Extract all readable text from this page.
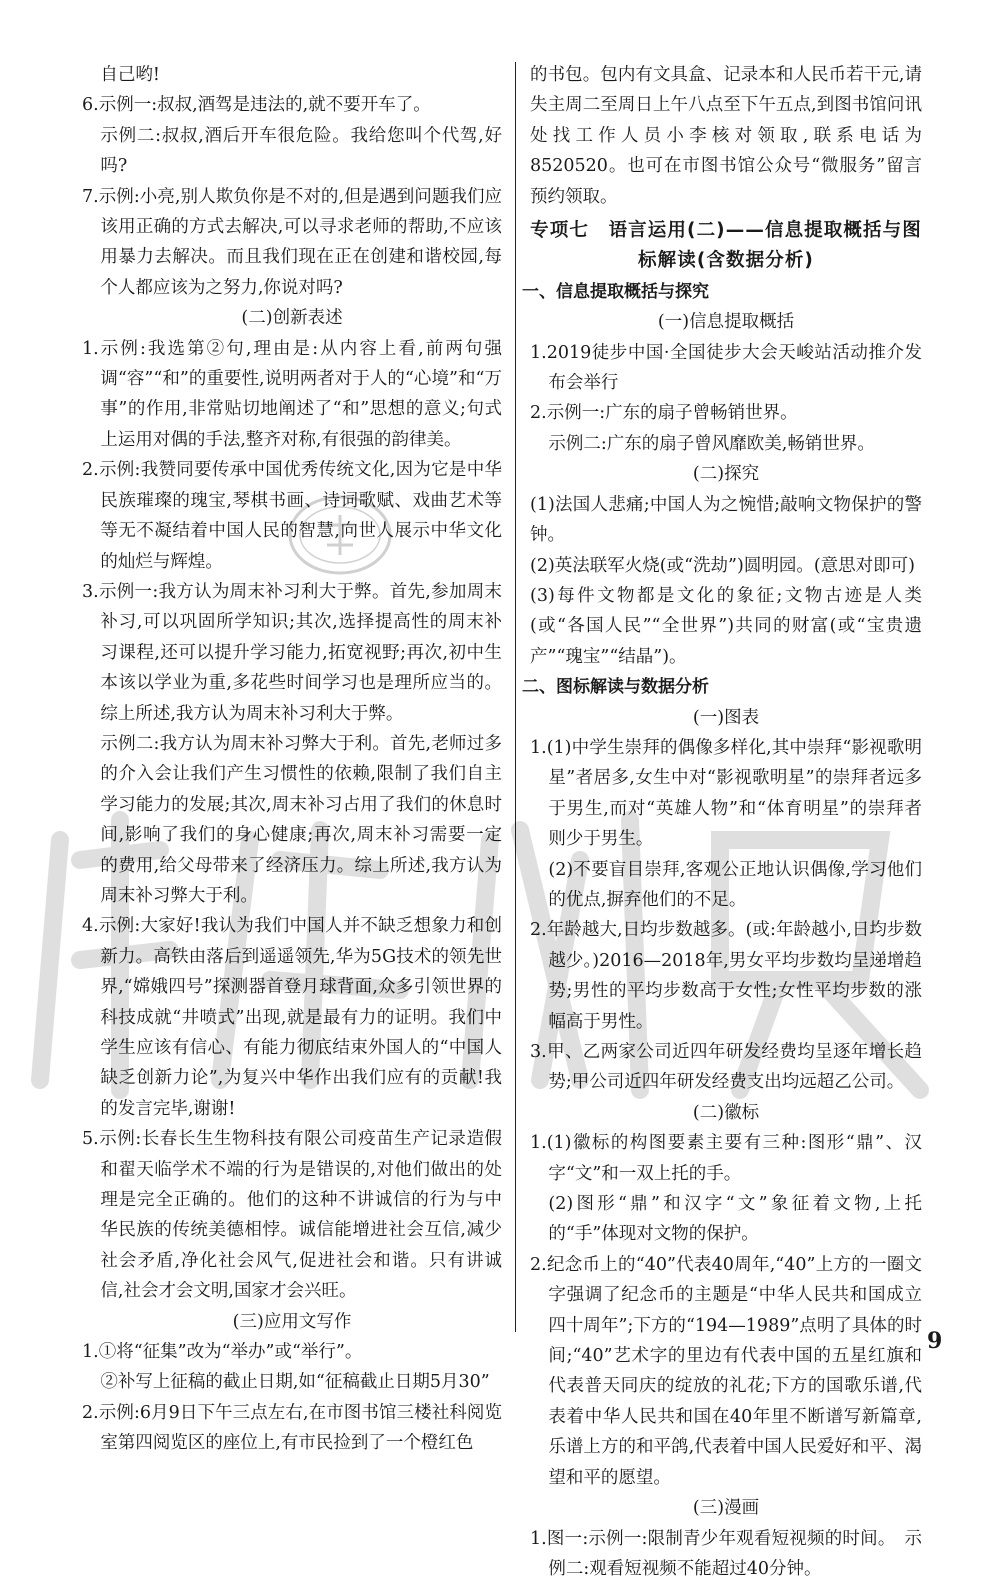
自己哟!

6.示例一:叔叔,酒驾是违法的,就不要开车了。

示例二:叔叔,酒后开车很危险。我给您叫个代驾,好吗?

7.示例:小亮,别人欺负你是不对的,但是遇到问题我们应该用正确的方式去解决,可以寻求老师的帮助,不应该用暴力去解决。而且我们现在正在创建和谐校园,每个人都应该为之努力,你说对吗?

(二)创新表述

1.示例:我选第②句,理由是:从内容上看,前两句强调“容”“和”的重要性,说明两者对于人的“心境”和“万事”的作用,非常贴切地阐述了“和”思想的意义;句式上运用对偶的手法,整齐对称,有很强的韵律美。

2.示例:我赞同要传承中国优秀传统文化,因为它是中华民族璀璨的瑰宝,琴棋书画、诗词歌赋、戏曲艺术等等无不凝结着中国人民的智慧,向世人展示中华文化的灿烂与辉煌。

3.示例一:我方认为周末补习利大于弊。首先,参加周末补习,可以巩固所学知识;其次,选择提高性的周末补习课程,还可以提升学习能力,拓宽视野;再次,初中生本该以学业为重,多花些时间学习也是理所应当的。综上所述,我方认为周末补习利大于弊。

示例二:我方认为周末补习弊大于利。首先,老师过多的介入会让我们产生习惯性的依赖,限制了我们自主学习能力的发展;其次,周末补习占用了我们的休息时间,影响了我们的身心健康;再次,周末补习需要一定的费用,给父母带来了经济压力。综上所述,我方认为周末补习弊大于利。

4.示例:大家好!我认为我们中国人并不缺乏想象力和创新力。高铁由落后到遥遥领先,华为5G技术的领先世界,“嫦娥四号”探测器首登月球背面,众多引领世界的科技成就“井喷式”出现,就是最有力的证明。我们中学生应该有信心、有能力彻底结束外国人的“中国人缺乏创新力论”,为复兴中华作出我们应有的贡献!我的发言完毕,谢谢!

5.示例:长春长生生物科技有限公司疫苗生产记录造假和翟天临学术不端的行为是错误的,对他们做出的处理是完全正确的。他们的这种不讲诚信的行为与中华民族的传统美德相悖。诚信能增进社会互信,减少社会矛盾,净化社会风气,促进社会和谐。只有讲诚信,社会才会文明,国家才会兴旺。

(三)应用文写作

1.①将“征集”改为“举办”或“举行”。

②补写上征稿的截止日期,如“征稿截止日期5月30”

2.示例:6月9日下午三点左右,在市图书馆三楼社科阅览室第四阅览区的座位上,有市民捡到了一个橙红色

的书包。包内有文具盒、记录本和人民币若干元,请失主周二至周日上午八点至下午五点,到图书馆问讯处找工作人员小李核对领取,联系电话为8520520。也可在市图书馆公众号“微服务”留言预约领取。

专项七　语言运用(二)——信息提取概括与图标解读(含数据分析)

一、信息提取概括与探究

(一)信息提取概括

1.2019徒步中国·全国徒步大会天峻站活动推介发布会举行

2.示例一:广东的扇子曾畅销世界。

示例二:广东的扇子曾风靡欧美,畅销世界。

(二)探究

(1)法国人悲痛;中国人为之惋惜;敲响文物保护的警钟。

(2)英法联军火烧(或“洗劫”)圆明园。(意思对即可)

(3)每件文物都是文化的象征;文物古迹是人类(或“各国人民”“全世界”)共同的财富(或“宝贵遗产”“瑰宝”“结晶”)。

二、图标解读与数据分析

(一)图表

1.(1)中学生崇拜的偶像多样化,其中崇拜“影视歌明星”者居多,女生中对“影视歌明星”的崇拜者远多于男生,而对“英雄人物”和“体育明星”的崇拜者则少于男生。

(2)不要盲目崇拜,客观公正地认识偶像,学习他们的优点,摒弃他们的不足。

2.年龄越大,日均步数越多。(或:年龄越小,日均步数越少。)2016—2018年,男女平均步数均呈递增趋势;男性的平均步数高于女性;女性平均步数的涨幅高于男性。

3.甲、乙两家公司近四年研发经费均呈逐年增长趋势;甲公司近四年研发经费支出均远超乙公司。

(二)徽标

1.(1)徽标的构图要素主要有三种:图形“鼎”、汉字“文”和一双上托的手。

(2)图形“鼎”和汉字“文”象征着文物,上托的“手”体现对文物的保护。

2.纪念币上的“40”代表40周年,“40”上方的一圈文字强调了纪念币的主题是“中华人民共和国成立四十周年”;下方的“194—1989”点明了具体的时间;“40”艺术字的里边有代表中国的五星红旗和代表普天同庆的绽放的礼花;下方的国歌乐谱,代表着中华人民共和国在40年里不断谱写新篇章,乐谱上方的和平鸽,代表着中国人民爱好和平、渴望和平的愿望。

(三)漫画

1.图一:示例一:限制青少年观看短视频的时间。　示例二:观看短视频不能超过40分钟。

9
